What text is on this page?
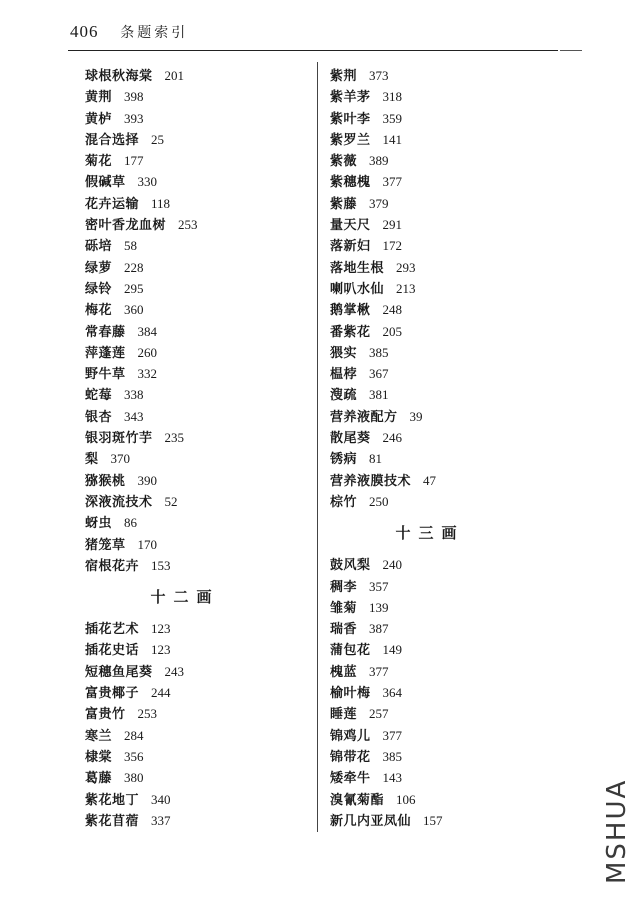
406 条题索引
球根秋海棠 201
黄荆 398
黄栌 393
混合选择 25
菊花 177
假碱草 330
花卉运输 118
密叶香龙血树 253
砾培 58
绿萝 228
绿铃 295
梅花 360
常春藤 384
萍蓬莲 260
野牛草 332
蛇莓 338
银杏 343
银羽斑竹芋 235
梨 370
猕猴桃 390
深液流技术 52
蚜虫 86
猪笼草 170
宿根花卉 153
十二画
插花艺术 123
插花史话 123
短穗鱼尾葵 243
富贵椰子 244
富贵竹 253
寒兰 284
棣棠 356
葛藤 380
紫花地丁 340
紫花苜蓿 337
紫荆 373
紫羊茅 318
紫叶李 359
紫罗兰 141
紫薇 389
紫穗槐 377
紫藤 379
量天尺 291
落新妇 172
落地生根 293
喇叭水仙 213
鹅掌楸 248
番紫花 205
猥实 385
榅桲 367
溲疏 381
营养液配方 39
散尾葵 246
锈病 81
营养液膜技术 47
棕竹 250
十三画
鼓风梨 240
稠李 357
雏菊 139
瑞香 387
蒲包花 149
槐蓝 377
榆叶梅 364
睡莲 257
锦鸡儿 377
锦带花 385
矮牵牛 143
溴氰菊酯 106
新几内亚凤仙 157	MSHUA
